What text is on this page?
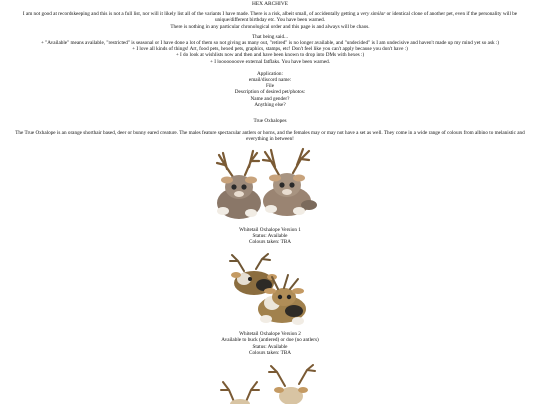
HEX ARCHIVE

I am not good at recordskeeping and this is not a full list, nor will it likely list all of the variants I have made. There is a risk, albeit small, of accidentally getting a very similar or identical clone of another pet, even if the personality will be unique/different birthday etc. You have been warned.

There is nothing in any particular chronological order and this page is and always will be chaos.

That being said...

+ "Available" means available, "restricted" is seasonal or I have done a lot of them so not giving as many out, "retired" is no longer available, and "undecided" is I am undecisive and haven't made up my mind yet so ask :)

+ I love all kinds of things! Art, food pets, hexed pets, graphics, stamps, etc! Don't feel like you can't apply because you don't have :)

+ I do look at wishlists now and then and have been known to drop into DMs with hexes :)

+ I loooooooove external fatflaks. You have been warned.

Application:

email/discord name:

File

Description of desired pet/photos:

Name and gender?

Anything else?

True Oxhalopes

The True Oxhalope is an orange shorthair based, deer or bunny eared creature. The males feature spectacular antlers or horns, and the females may or may not have a set as well. They come in a wide range of colours from albino to melanistic and everything in between!

Whitetail Oxhalope Version 1

Status: Available

Colours taken: TBA

Whitetail Oxhalope Version 2

Available to buck (antlered) or doe (no antlers)

Status: Available

Colours taken: TBA
